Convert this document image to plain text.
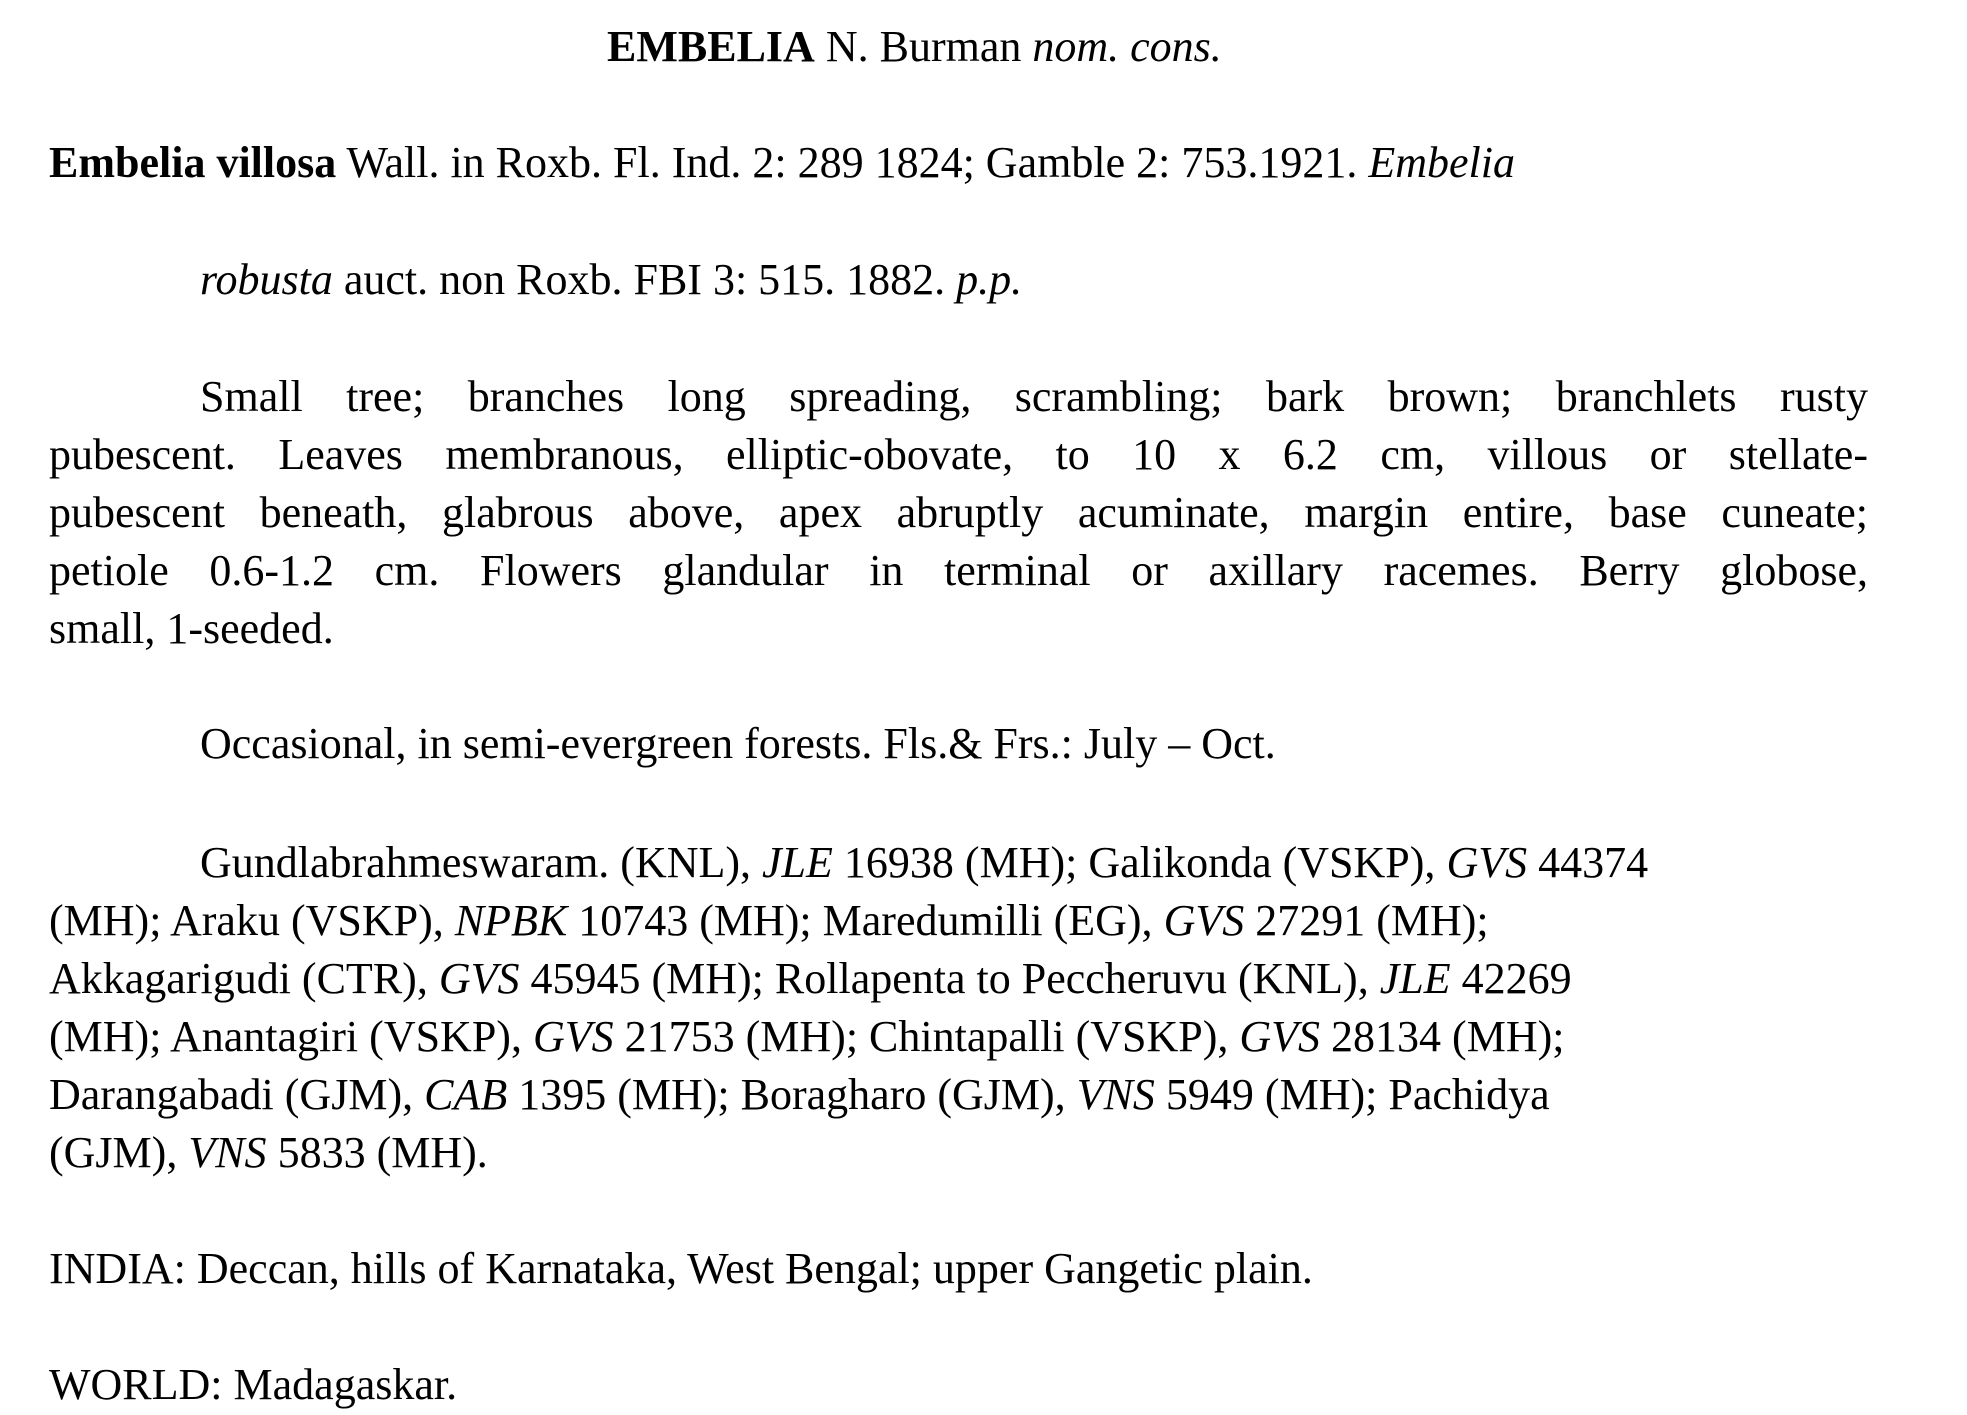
EMBELIA N. Burman nom. cons.
Embelia villosa Wall. in Roxb. Fl. Ind. 2: 289 1824; Gamble 2: 753.1921. Embelia
robusta auct. non Roxb. FBI 3: 515. 1882. p.p.
Small tree; branches long spreading, scrambling; bark brown; branchlets rusty
pubescent. Leaves membranous, elliptic-obovate, to 10 x 6.2 cm, villous or stellate-
pubescent beneath, glabrous above, apex abruptly acuminate, margin entire, base cuneate;
petiole 0.6-1.2 cm. Flowers glandular in terminal or axillary racemes. Berry globose,
small, 1-seeded.
Occasional, in semi-evergreen forests. Fls.& Frs.: July – Oct.
Gundlabrahmeswaram. (KNL), JLE 16938 (MH); Galikonda (VSKP), GVS 44374
(MH); Araku (VSKP), NPBK 10743 (MH); Maredumilli (EG), GVS 27291 (MH);
Akkagarigudi (CTR), GVS 45945 (MH); Rollapenta to Peccheruvu (KNL), JLE 42269
(MH); Anantagiri (VSKP), GVS 21753 (MH); Chintapalli (VSKP), GVS 28134 (MH);
Darangabadi (GJM), CAB 1395 (MH); Boragharo (GJM), VNS 5949 (MH); Pachidya
(GJM), VNS 5833 (MH).
INDIA: Deccan, hills of Karnataka, West Bengal; upper Gangetic plain.
WORLD: Madagaskar.
